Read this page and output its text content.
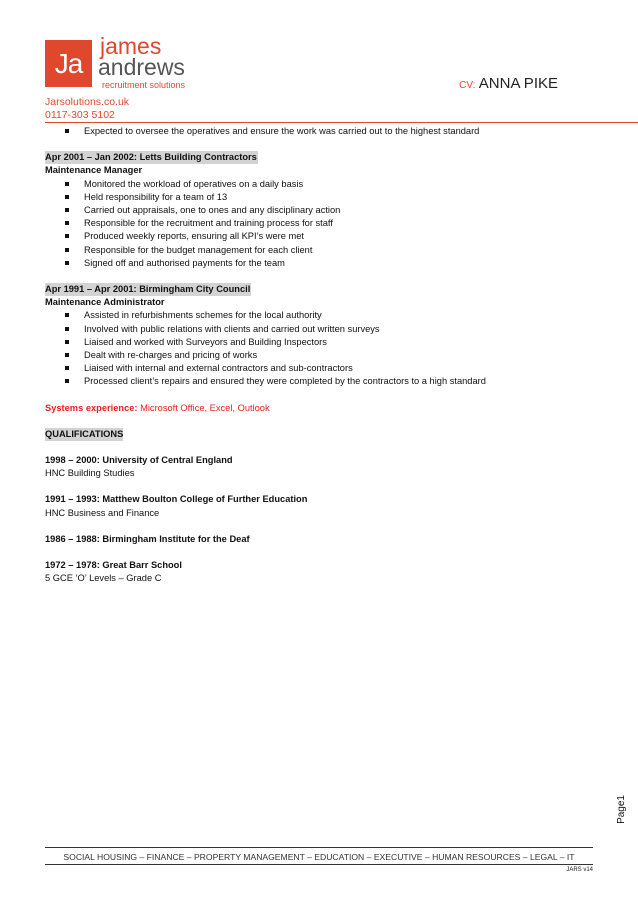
Ja
james
andrews
recruitment solutions	CV: ANNA PIKE
Jarsolutions.co.uk
0117-303 5102
Expected to oversee the operatives and ensure the work was carried out to the highest standard
Apr 2001 – Jan 2002: Letts Building Contractors
Maintenance Manager
Monitored the workload of operatives on a daily basis
Held responsibility for a team of 13
Carried out appraisals, one to ones and any disciplinary action
Responsible for the recruitment and training process for staff
Produced weekly reports, ensuring all KPI’s were met
Responsible for the budget management for each client
Signed off and authorised payments for the team
Apr 1991 – Apr 2001: Birmingham City Council
Maintenance Administrator
Assisted in refurbishments schemes for the local authority
Involved with public relations with clients and carried out written surveys
Liaised and worked with Surveyors and Building Inspectors
Dealt with re-charges and pricing of works
Liaised with internal and external contractors and sub-contractors
Processed client’s repairs and ensured they were completed by the contractors to a high standard
Systems experience: Microsoft Office, Excel, Outlook
QUALIFICATIONS
1998 – 2000: University of Central England
HNC Building Studies
1991 – 1993: Matthew Boulton College of Further Education
HNC Business and Finance
1986 – 1988: Birmingham Institute for the Deaf
1972 – 1978: Great Barr School
5 GCE ‘O’ Levels – Grade C
Page1
SOCIAL HOUSING – FINANCE – PROPERTY MANAGEMENT – EDUCATION – EXECUTIVE – HUMAN RESOURCES – LEGAL – IT
JARS v14
